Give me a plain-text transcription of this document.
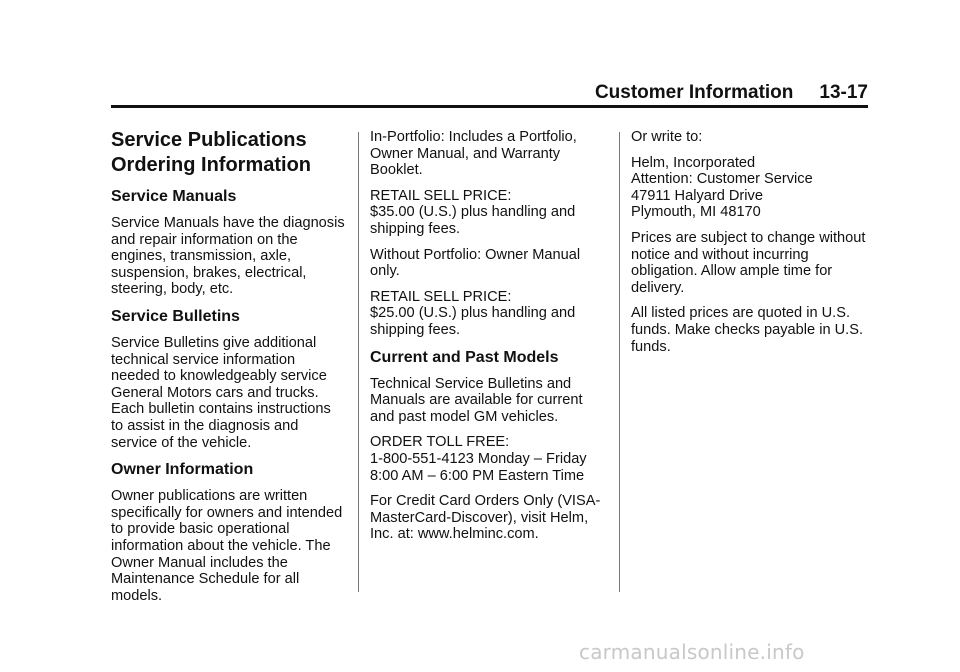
Customer Information 13-17
Service Publications
Ordering Information
Service Manuals

Service Manuals have the diagnosis and repair information on the engines, transmission, axle, suspension, brakes, electrical, steering, body, etc.

Service Bulletins

Service Bulletins give additional technical service information needed to knowledgeably service General Motors cars and trucks. Each bulletin contains instructions to assist in the diagnosis and service of the vehicle.

Owner Information

Owner publications are written specifically for owners and intended to provide basic operational information about the vehicle. The Owner Manual includes the Maintenance Schedule for all models.

In-Portfolio: Includes a Portfolio, Owner Manual, and Warranty Booklet.

RETAIL SELL PRICE:
$35.00 (U.S.) plus handling and shipping fees.

Without Portfolio: Owner Manual only.

RETAIL SELL PRICE:
$25.00 (U.S.) plus handling and shipping fees.
Current and Past Models

Technical Service Bulletins and Manuals are available for current and past model GM vehicles.

ORDER TOLL FREE:
1-800-551-4123 Monday – Friday
8:00 AM – 6:00 PM Eastern Time

For Credit Card Orders Only (VISA-MasterCard-Discover), visit Helm, Inc. at: www.helminc.com.

Or write to:

Helm, Incorporated
Attention: Customer Service
47911 Halyard Drive
Plymouth, MI 48170

Prices are subject to change without notice and without incurring obligation. Allow ample time for delivery.

All listed prices are quoted in U.S. funds. Make checks payable in U.S. funds.

carmanualsonline.info
